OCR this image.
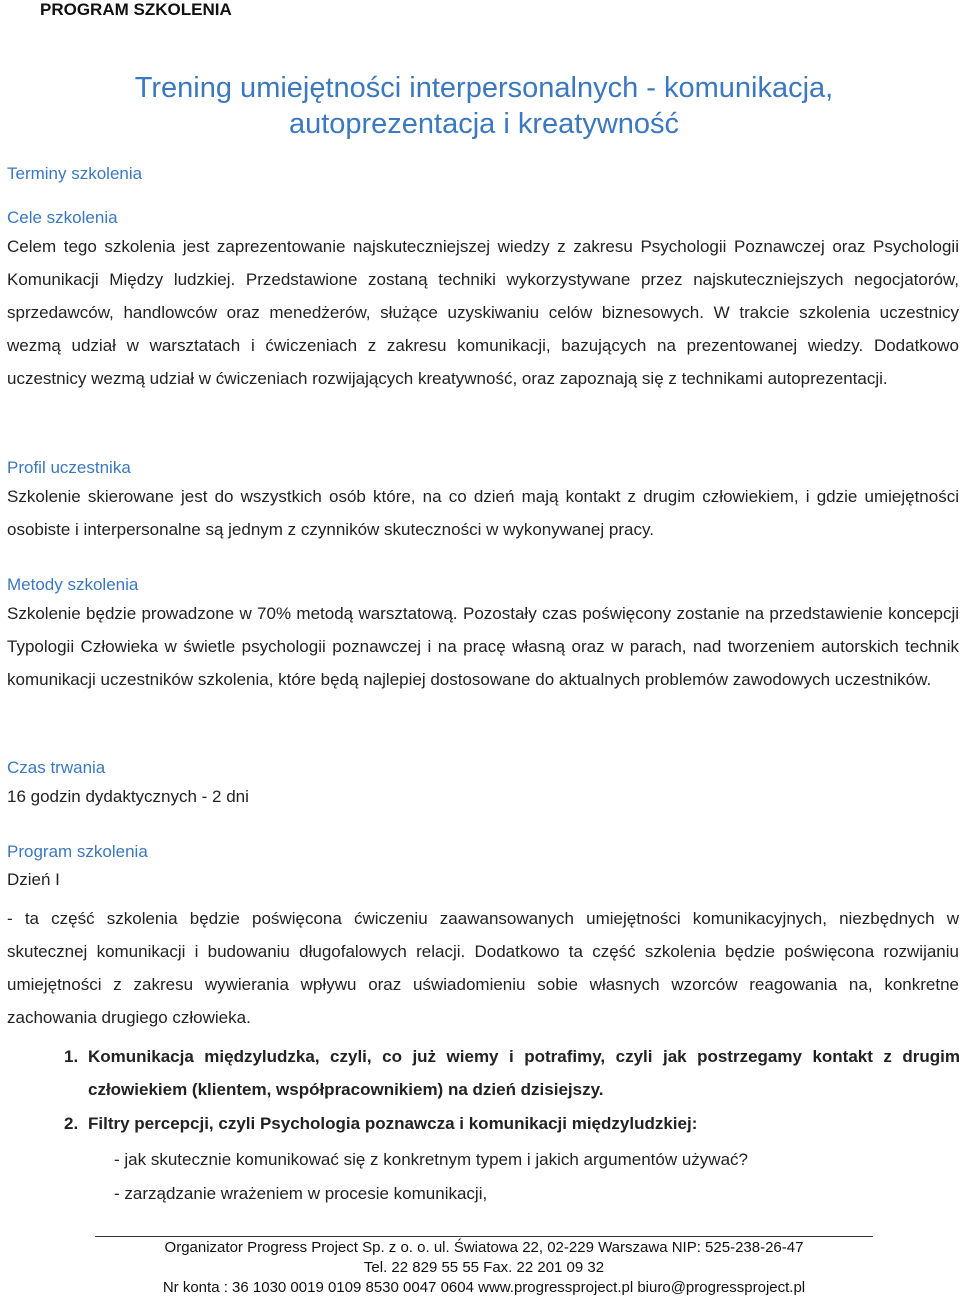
PROGRAM SZKOLENIA
Trening umiejętności interpersonalnych - komunikacja,
autoprezentacja i kreatywność
Terminy szkolenia
Cele szkolenia
Celem tego szkolenia jest zaprezentowanie najskuteczniejszej wiedzy z zakresu Psychologii Poznawczej oraz Psychologii Komunikacji Między ludzkiej. Przedstawione zostaną techniki wykorzystywane przez najskuteczniejszych negocjatorów, sprzedawców, handlowców oraz menedżerów, służące uzyskiwaniu celów biznesowych. W trakcie szkolenia uczestnicy wezmą udział w warsztatach i ćwiczeniach z zakresu komunikacji, bazujących na prezentowanej wiedzy. Dodatkowo uczestnicy wezmą udział w ćwiczeniach rozwijających kreatywność, oraz zapoznają się z technikami autoprezentacji.
Profil uczestnika
Szkolenie skierowane jest do wszystkich osób które, na co dzień mają kontakt z drugim człowiekiem, i gdzie umiejętności osobiste i interpersonalne są jednym z czynników skuteczności w wykonywanej pracy.
Metody szkolenia
Szkolenie będzie prowadzone w 70% metodą warsztatową. Pozostały czas poświęcony zostanie na przedstawienie koncepcji Typologii Człowieka w świetle psychologii poznawczej i na pracę własną oraz w parach, nad tworzeniem autorskich technik komunikacji uczestników szkolenia, które będą najlepiej dostosowane do aktualnych problemów zawodowych uczestników.
Czas trwania
16 godzin dydaktycznych - 2 dni
Program szkolenia
Dzień I
- ta część szkolenia będzie poświęcona ćwiczeniu zaawansowanych umiejętności komunikacyjnych, niezbędnych w skutecznej komunikacji i budowaniu długofalowych relacji. Dodatkowo ta część szkolenia będzie poświęcona rozwijaniu umiejętności z zakresu wywierania wpływu oraz uświadomieniu sobie własnych wzorców reagowania na, konkretne zachowania drugiego człowieka.
1. Komunikacja międzyludzka, czyli, co już wiemy i potrafimy, czyli jak postrzegamy kontakt z drugim człowiekiem (klientem, współpracownikiem) na dzień dzisiejszy.
2. Filtry percepcji, czyli Psychologia poznawcza i komunikacji międzyludzkiej:
- jak skutecznie komunikować się z konkretnym typem i jakich argumentów używać?
- zarządzanie wrażeniem w procesie komunikacji,
Organizator Progress Project Sp. z o. o. ul. Światowa 22, 02-229 Warszawa NIP: 525-238-26-47
Tel. 22 829 55 55 Fax. 22 201 09 32
Nr konta : 36 1030 0019 0109 8530 0047 0604 www.progressproject.pl biuro@progressproject.pl
